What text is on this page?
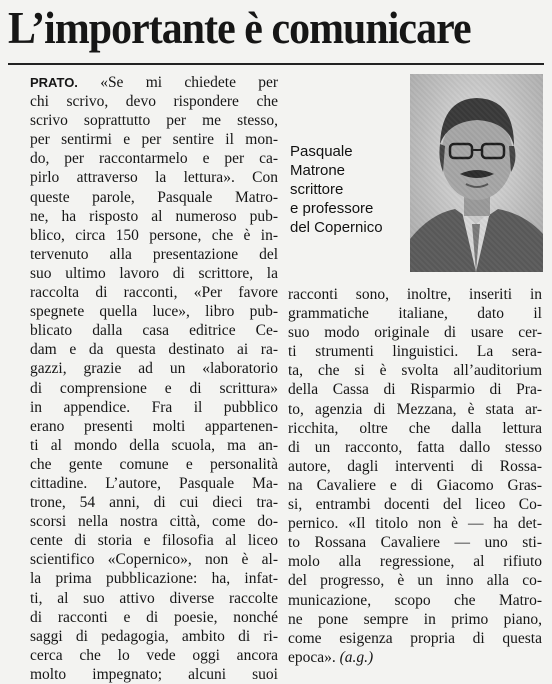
L’importante è comunicare
PRATO. «Se mi chiedete per
chi scrivo, devo rispondere che
scrivo soprattutto per me stesso,
per sentirmi e per sentire il mon-
do, per raccontarmelo e per ca-
pirlo attraverso la lettura». Con
queste parole, Pasquale Matro-
ne, ha risposto al numeroso pub-
blico, circa 150 persone, che è in-
tervenuto alla presentazione del
suo ultimo lavoro di scrittore, la
raccolta di racconti, «Per favore
spegnete quella luce», libro pub-
blicato dalla casa editrice Ce-
dam e da questa destinato ai ra-
gazzi, grazie ad un «laboratorio
di comprensione e di scrittura»
in appendice. Fra il pubblico
erano presenti molti appartenen-
ti al mondo della scuola, ma an-
che gente comune e personalità
cittadine. L’autore, Pasquale Ma-
trone, 54 anni, di cui dieci tra-
scorsi nella nostra città, come do-
cente di storia e filosofia al liceo
scientifico «Copernico», non è al-
la prima pubblicazione: ha, infat-
ti, al suo attivo diverse raccolte
di racconti e di poesie, nonché
saggi di pedagogia, ambito di ri-
cerca che lo vede oggi ancora
molto impegnato; alcuni suoi
Pasquale
Matrone
scrittore
e professore
del Copernico
racconti sono, inoltre, inseriti in
grammatiche italiane, dato il
suo modo originale di usare cer-
ti strumenti linguistici. La sera-
ta, che si è svolta all’auditorium
della Cassa di Risparmio di Pra-
to, agenzia di Mezzana, è stata ar-
ricchita, oltre che dalla lettura
di un racconto, fatta dallo stesso
autore, dagli interventi di Rossa-
na Cavaliere e di Giacomo Gras-
si, entrambi docenti del liceo Co-
pernico. «Il titolo non è — ha det-
to Rossana Cavaliere — uno sti-
molo alla regressione, al rifiuto
del progresso, è un inno alla co-
municazione, scopo che Matro-
ne pone sempre in primo piano,
come esigenza propria di questa
epoca». (a.g.)
